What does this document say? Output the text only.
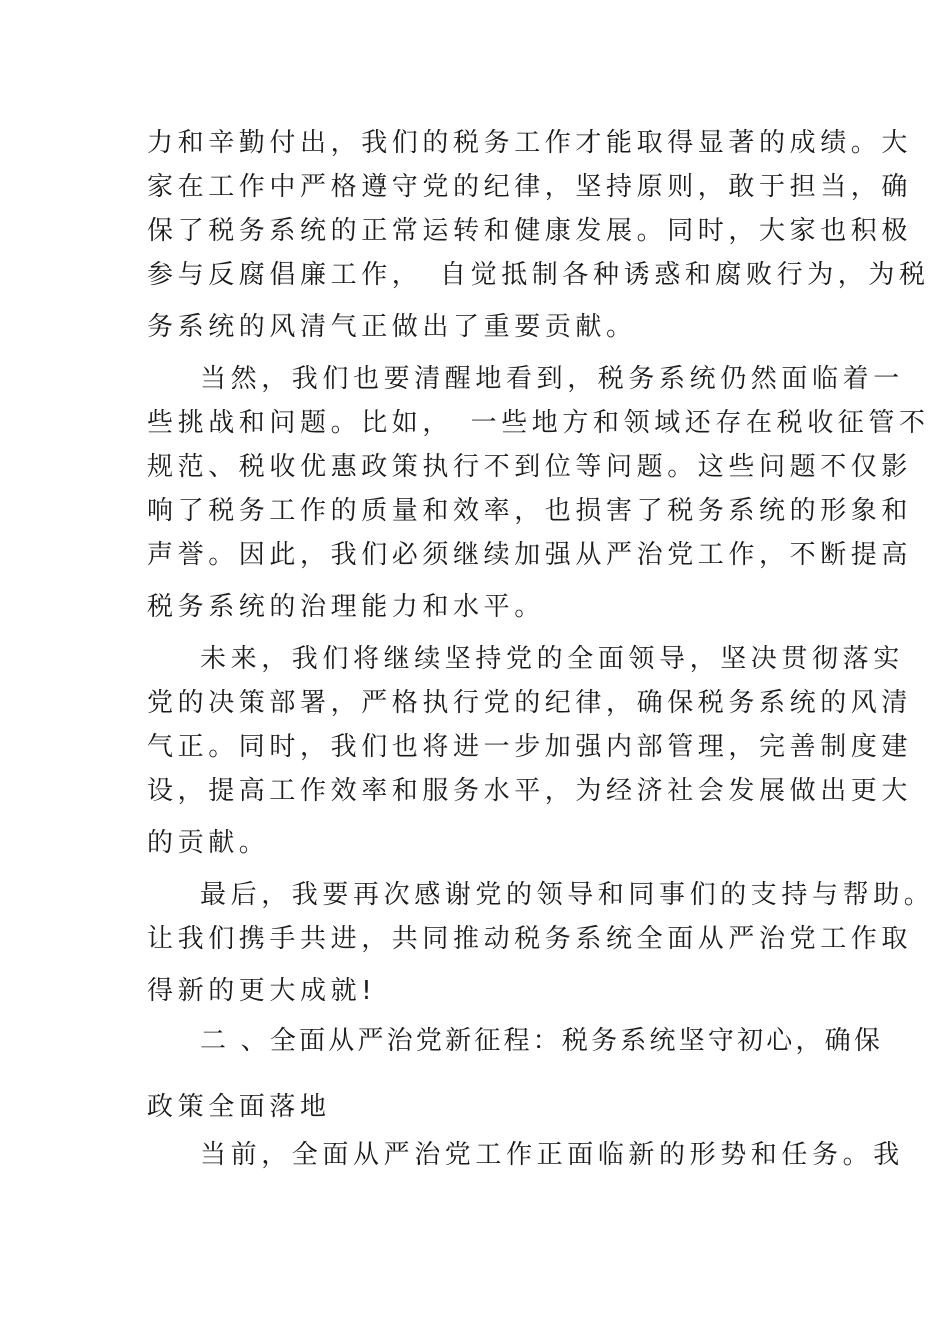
力和辛勤付出，我们的税务工作才能取得显著的成绩。大
家在工作中严格遵守党的纪律，坚持原则，敢于担当，确
保了税务系统的正常运转和健康发展。同时，大家也积极
参与反腐倡廉工作，　自觉抵制各种诱惑和腐败行为，为税
务系统的风清气正做出了重要贡献。
当然，我们也要清醒地看到，税务系统仍然面临着一
些挑战和问题。比如，　一些地方和领域还存在税收征管不
规范、税收优惠政策执行不到位等问题。这些问题不仅影
响了税务工作的质量和效率，也损害了税务系统的形象和
声誉。因此，我们必须继续加强从严治党工作，不断提高
税务系统的治理能力和水平。
未来，我们将继续坚持党的全面领导，坚决贯彻落实
党的决策部署，严格执行党的纪律，确保税务系统的风清
气正。同时，我们也将进一步加强内部管理，完善制度建
设，提高工作效率和服务水平，为经济社会发展做出更大
的贡献。
最后，我要再次感谢党的领导和同事们的支持与帮助。
让我们携手共进，共同推动税务系统全面从严治党工作取
得新的更大成就!
二 、全面从严治党新征程：税务系统坚守初心，确保
政策全面落地
当前，全面从严治党工作正面临新的形势和任务。我
